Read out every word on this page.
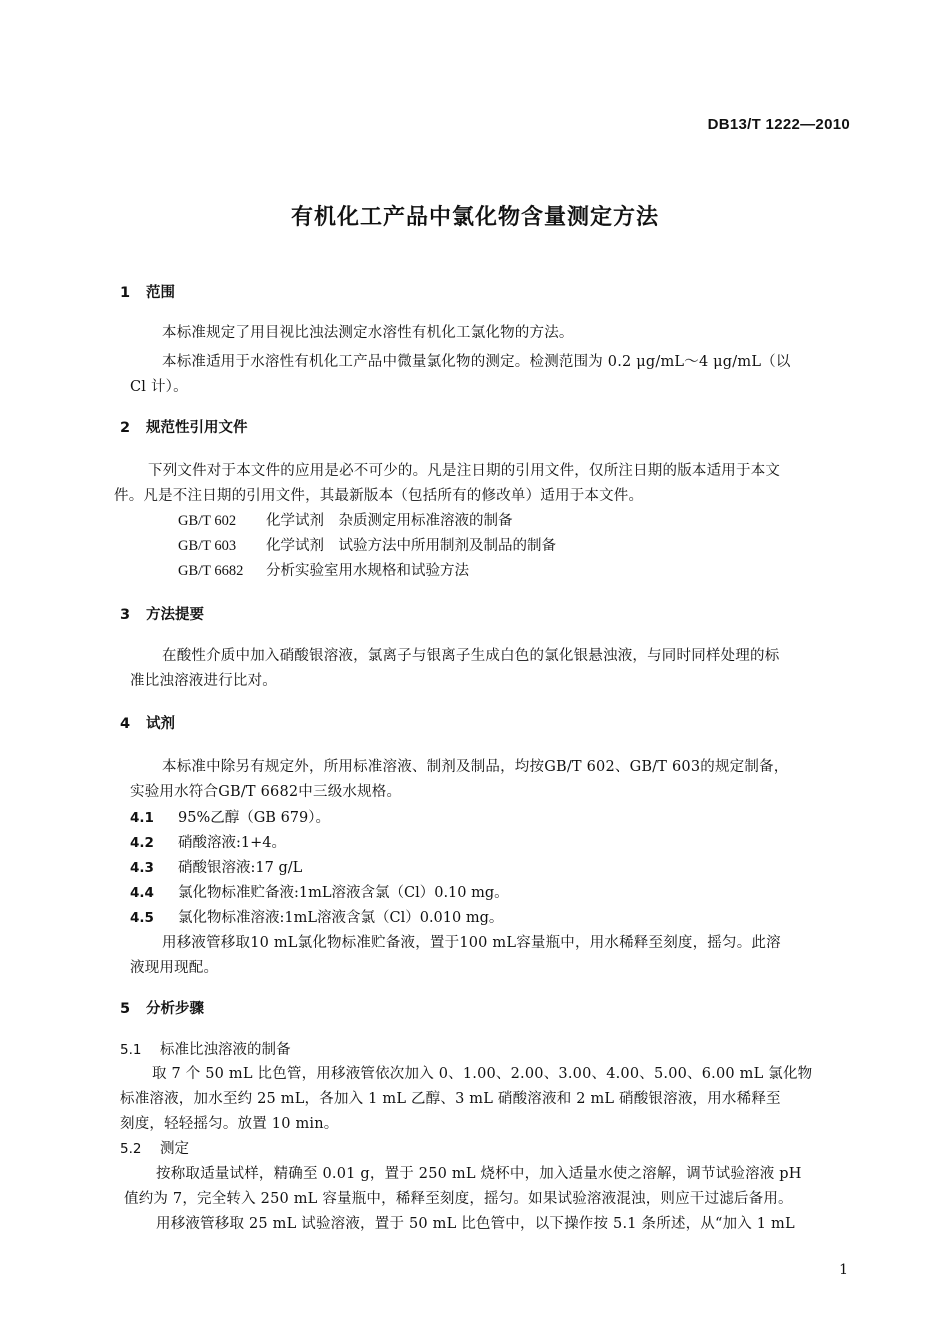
DB13/T 1222—2010
有机化工产品中氯化物含量测定方法
1 范围
本标准规定了用目视比浊法测定水溶性有机化工氯化物的方法。
本标准适用于水溶性有机化工产品中微量氯化物的测定。检测范围为 0.2 μg/mL～4 μg/mL（以
Cl 计）。
2 规范性引用文件
下列文件对于本文件的应用是必不可少的。凡是注日期的引用文件，仅所注日期的版本适用于本文
件。凡是不注日期的引用文件，其最新版本（包括所有的修改单）适用于本文件。
GB/T 602 化学试剂　杂质测定用标准溶液的制备
GB/T 603 化学试剂　试验方法中所用制剂及制品的制备
GB/T 6682 分析实验室用水规格和试验方法
3 方法提要
在酸性介质中加入硝酸银溶液，氯离子与银离子生成白色的氯化银悬浊液，与同时同样处理的标
准比浊溶液进行比对。
4 试剂
本标准中除另有规定外，所用标准溶液、制剂及制品，均按GB/T 602、GB/T 603的规定制备，
实验用水符合GB/T 6682中三级水规格。
4.1 95%乙醇（GB 679）。
4.2 硝酸溶液:1+4。
4.3 硝酸银溶液:17 g/L
4.4 氯化物标准贮备液:1mL溶液含氯（Cl）0.10 mg。
4.5 氯化物标准溶液:1mL溶液含氯（Cl）0.010 mg。
用移液管移取10 mL氯化物标准贮备液，置于100 mL容量瓶中，用水稀释至刻度，摇匀。此溶
液现用现配。
5 分析步骤
5.1 标准比浊溶液的制备
取 7 个 50 mL 比色管，用移液管依次加入 0、1.00、2.00、3.00、4.00、5.00、6.00 mL 氯化物
标准溶液，加水至约 25 mL，各加入 1 mL 乙醇、3 mL 硝酸溶液和 2 mL 硝酸银溶液，用水稀释至
刻度，轻轻摇匀。放置 10 min。
5.2 测定
按称取适量试样，精确至 0.01 g，置于 250 mL 烧杯中，加入适量水使之溶解，调节试验溶液 pH
值约为 7，完全转入 250 mL 容量瓶中，稀释至刻度，摇匀。如果试验溶液混浊，则应干过滤后备用。
用移液管移取 25 mL 试验溶液，置于 50 mL 比色管中，以下操作按 5.1 条所述，从“加入 1 mL
1
